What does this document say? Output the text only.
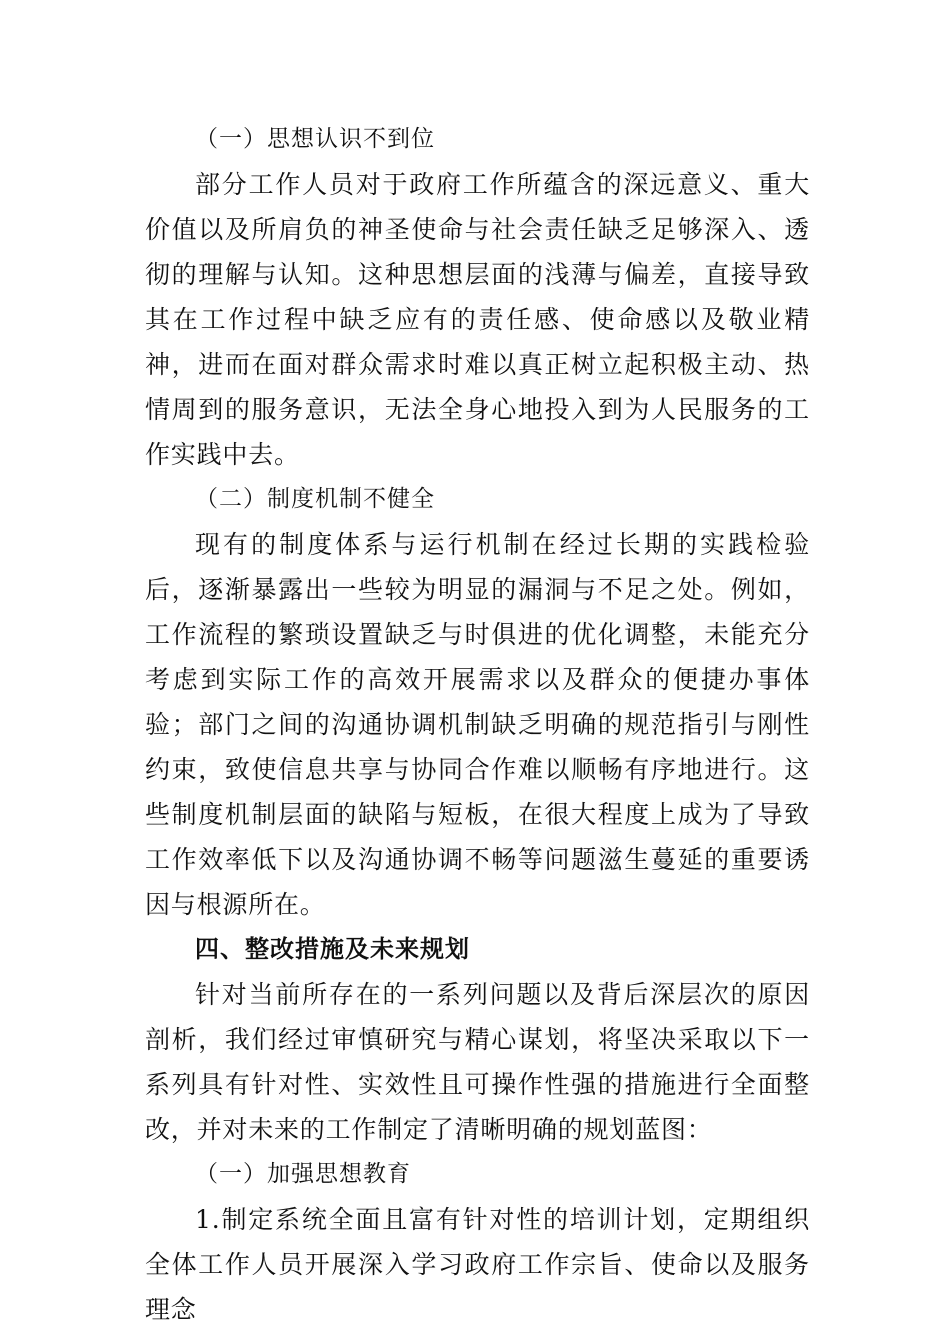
（一）思想认识不到位

部分工作人员对于政府工作所蕴含的深远意义、重大价值以及所肩负的神圣使命与社会责任缺乏足够深入、透彻的理解与认知。这种思想层面的浅薄与偏差，直接导致其在工作过程中缺乏应有的责任感、使命感以及敬业精神，进而在面对群众需求时难以真正树立起积极主动、热情周到的服务意识，无法全身心地投入到为人民服务的工作实践中去。

（二）制度机制不健全

现有的制度体系与运行机制在经过长期的实践检验后，逐渐暴露出一些较为明显的漏洞与不足之处。例如，工作流程的繁琐设置缺乏与时俱进的优化调整，未能充分考虑到实际工作的高效开展需求以及群众的便捷办事体验；部门之间的沟通协调机制缺乏明确的规范指引与刚性约束，致使信息共享与协同合作难以顺畅有序地进行。这些制度机制层面的缺陷与短板，在很大程度上成为了导致工作效率低下以及沟通协调不畅等问题滋生蔓延的重要诱因与根源所在。

四、整改措施及未来规划

针对当前所存在的一系列问题以及背后深层次的原因剖析，我们经过审慎研究与精心谋划，将坚决采取以下一系列具有针对性、实效性且可操作性强的措施进行全面整改，并对未来的工作制定了清晰明确的规划蓝图：

（一）加强思想教育

1.制定系统全面且富有针对性的培训计划，定期组织全体工作人员开展深入学习政府工作宗旨、使命以及服务理念
